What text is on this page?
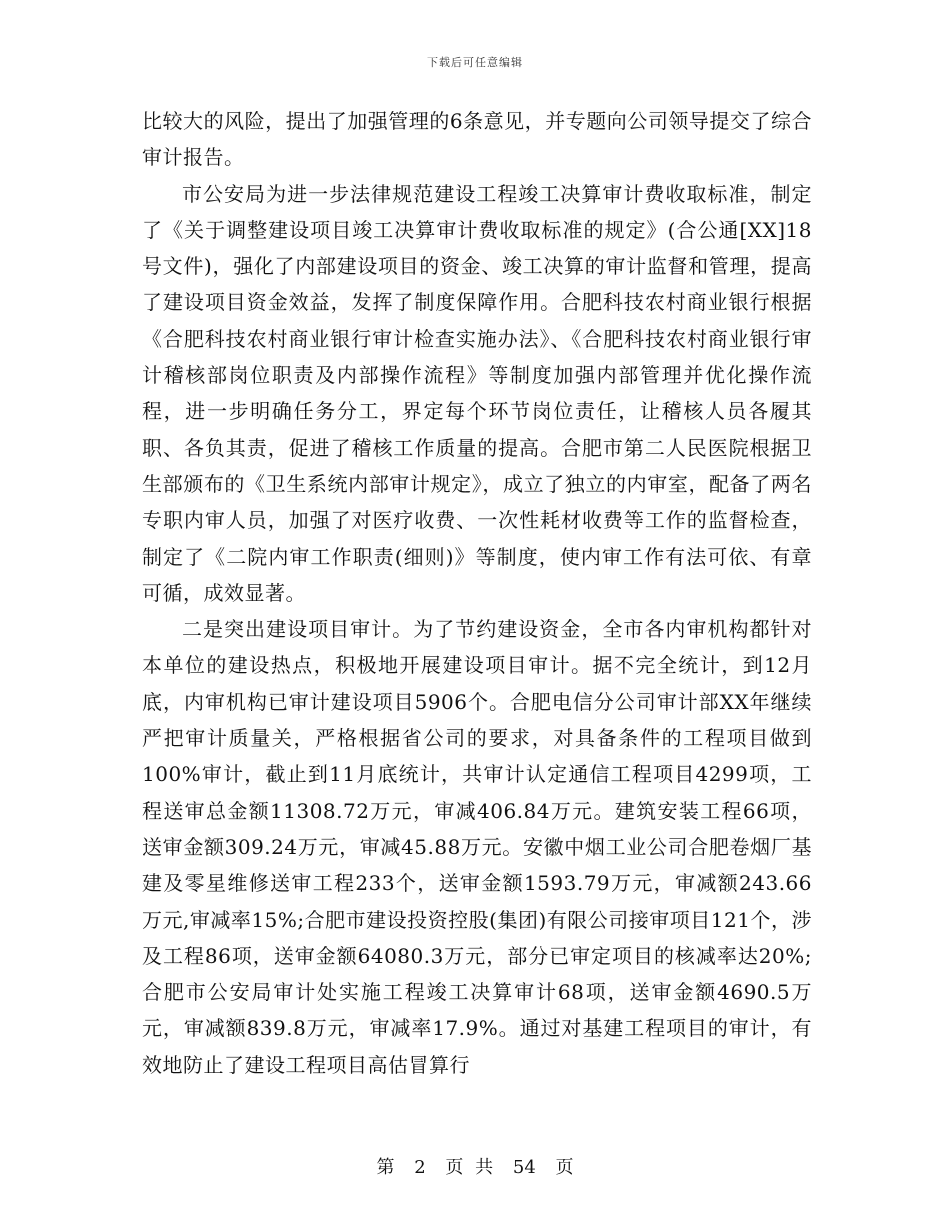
下载后可任意编辑

比较大的风险，提出了加强管理的6条意见，并专题向公司领导提交了综合审计报告。

市公安局为进一步法律规范建设工程竣工决算审计费收取标准，制定了《关于调整建设项目竣工决算审计费收取标准的规定》(合公通[XX]18号文件)，强化了内部建设项目的资金、竣工决算的审计监督和管理，提高了建设项目资金效益，发挥了制度保障作用。合肥科技农村商业银行根据《合肥科技农村商业银行审计检查实施办法》、《合肥科技农村商业银行审计稽核部岗位职责及内部操作流程》等制度加强内部管理并优化操作流程，进一步明确任务分工，界定每个环节岗位责任，让稽核人员各履其职、各负其责，促进了稽核工作质量的提高。合肥市第二人民医院根据卫生部颁布的《卫生系统内部审计规定》，成立了独立的内审室，配备了两名专职内审人员，加强了对医疗收费、一次性耗材收费等工作的监督检查，制定了《二院内审工作职责(细则)》等制度，使内审工作有法可依、有章可循，成效显著。

二是突出建设项目审计。为了节约建设资金，全市各内审机构都针对本单位的建设热点，积极地开展建设项目审计。据不完全统计，到12月底，内审机构已审计建设项目5906个。合肥电信分公司审计部XX年继续严把审计质量关，严格根据省公司的要求，对具备条件的工程项目做到100%审计，截止到11月底统计，共审计认定通信工程项目4299项，工程送审总金额11308.72万元，审减406.84万元。建筑安装工程66项，送审金额309.24万元，审减45.88万元。安徽中烟工业公司合肥卷烟厂基建及零星维修送审工程233个，送审金额1593.79万元，审减额243.66万元,审减率15%;合肥市建设投资控股(集团)有限公司接审项目121个，涉及工程86项，送审金额64080.3万元，部分已审定项目的核减率达20%;合肥市公安局审计处实施工程竣工决算审计68项，送审金额4690.5万元，审减额839.8万元，审减率17.9%。通过对基建工程项目的审计，有效地防止了建设工程项目高估冒算行

第 2 页 共 54 页
